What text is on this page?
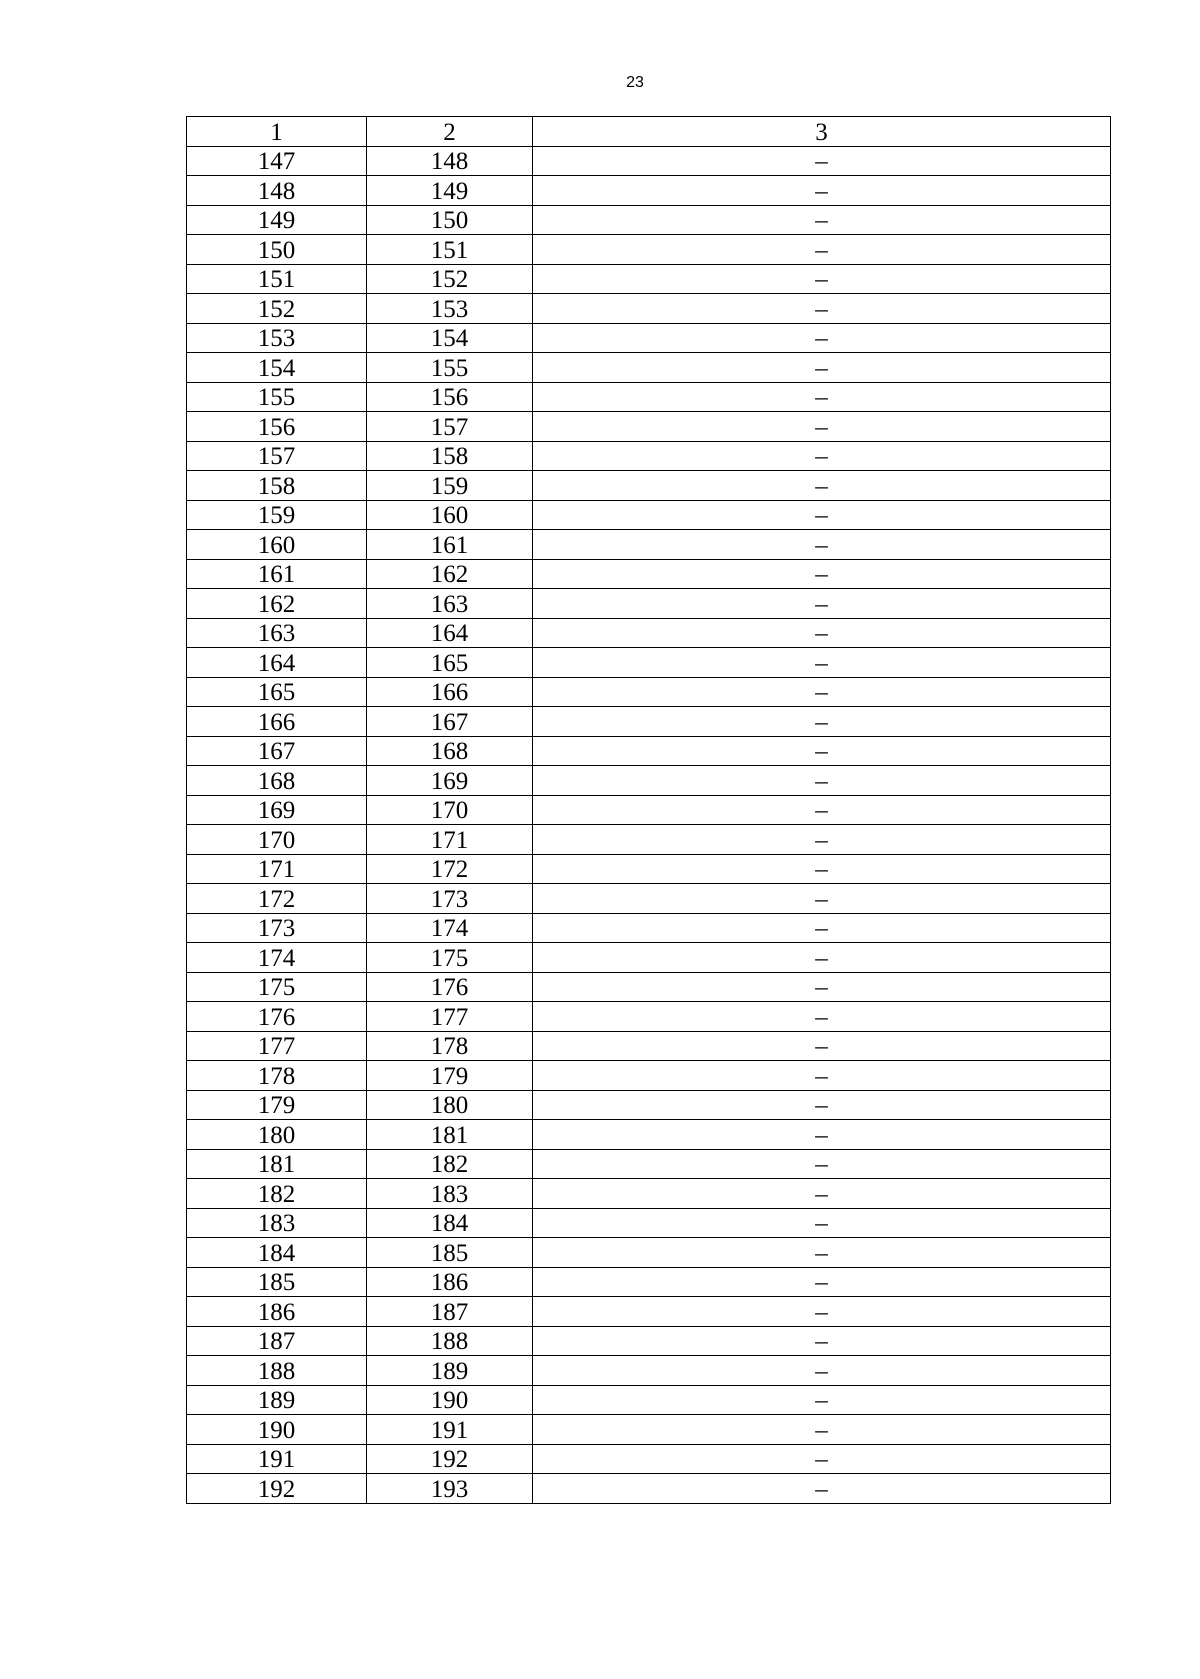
23
1	2	3
147	148	–
148	149	–
149	150	–
150	151	–
151	152	–
152	153	–
153	154	–
154	155	–
155	156	–
156	157	–
157	158	–
158	159	–
159	160	–
160	161	–
161	162	–
162	163	–
163	164	–
164	165	–
165	166	–
166	167	–
167	168	–
168	169	–
169	170	–
170	171	–
171	172	–
172	173	–
173	174	–
174	175	–
175	176	–
176	177	–
177	178	–
178	179	–
179	180	–
180	181	–
181	182	–
182	183	–
183	184	–
184	185	–
185	186	–
186	187	–
187	188	–
188	189	–
189	190	–
190	191	–
191	192	–
192	193	–
